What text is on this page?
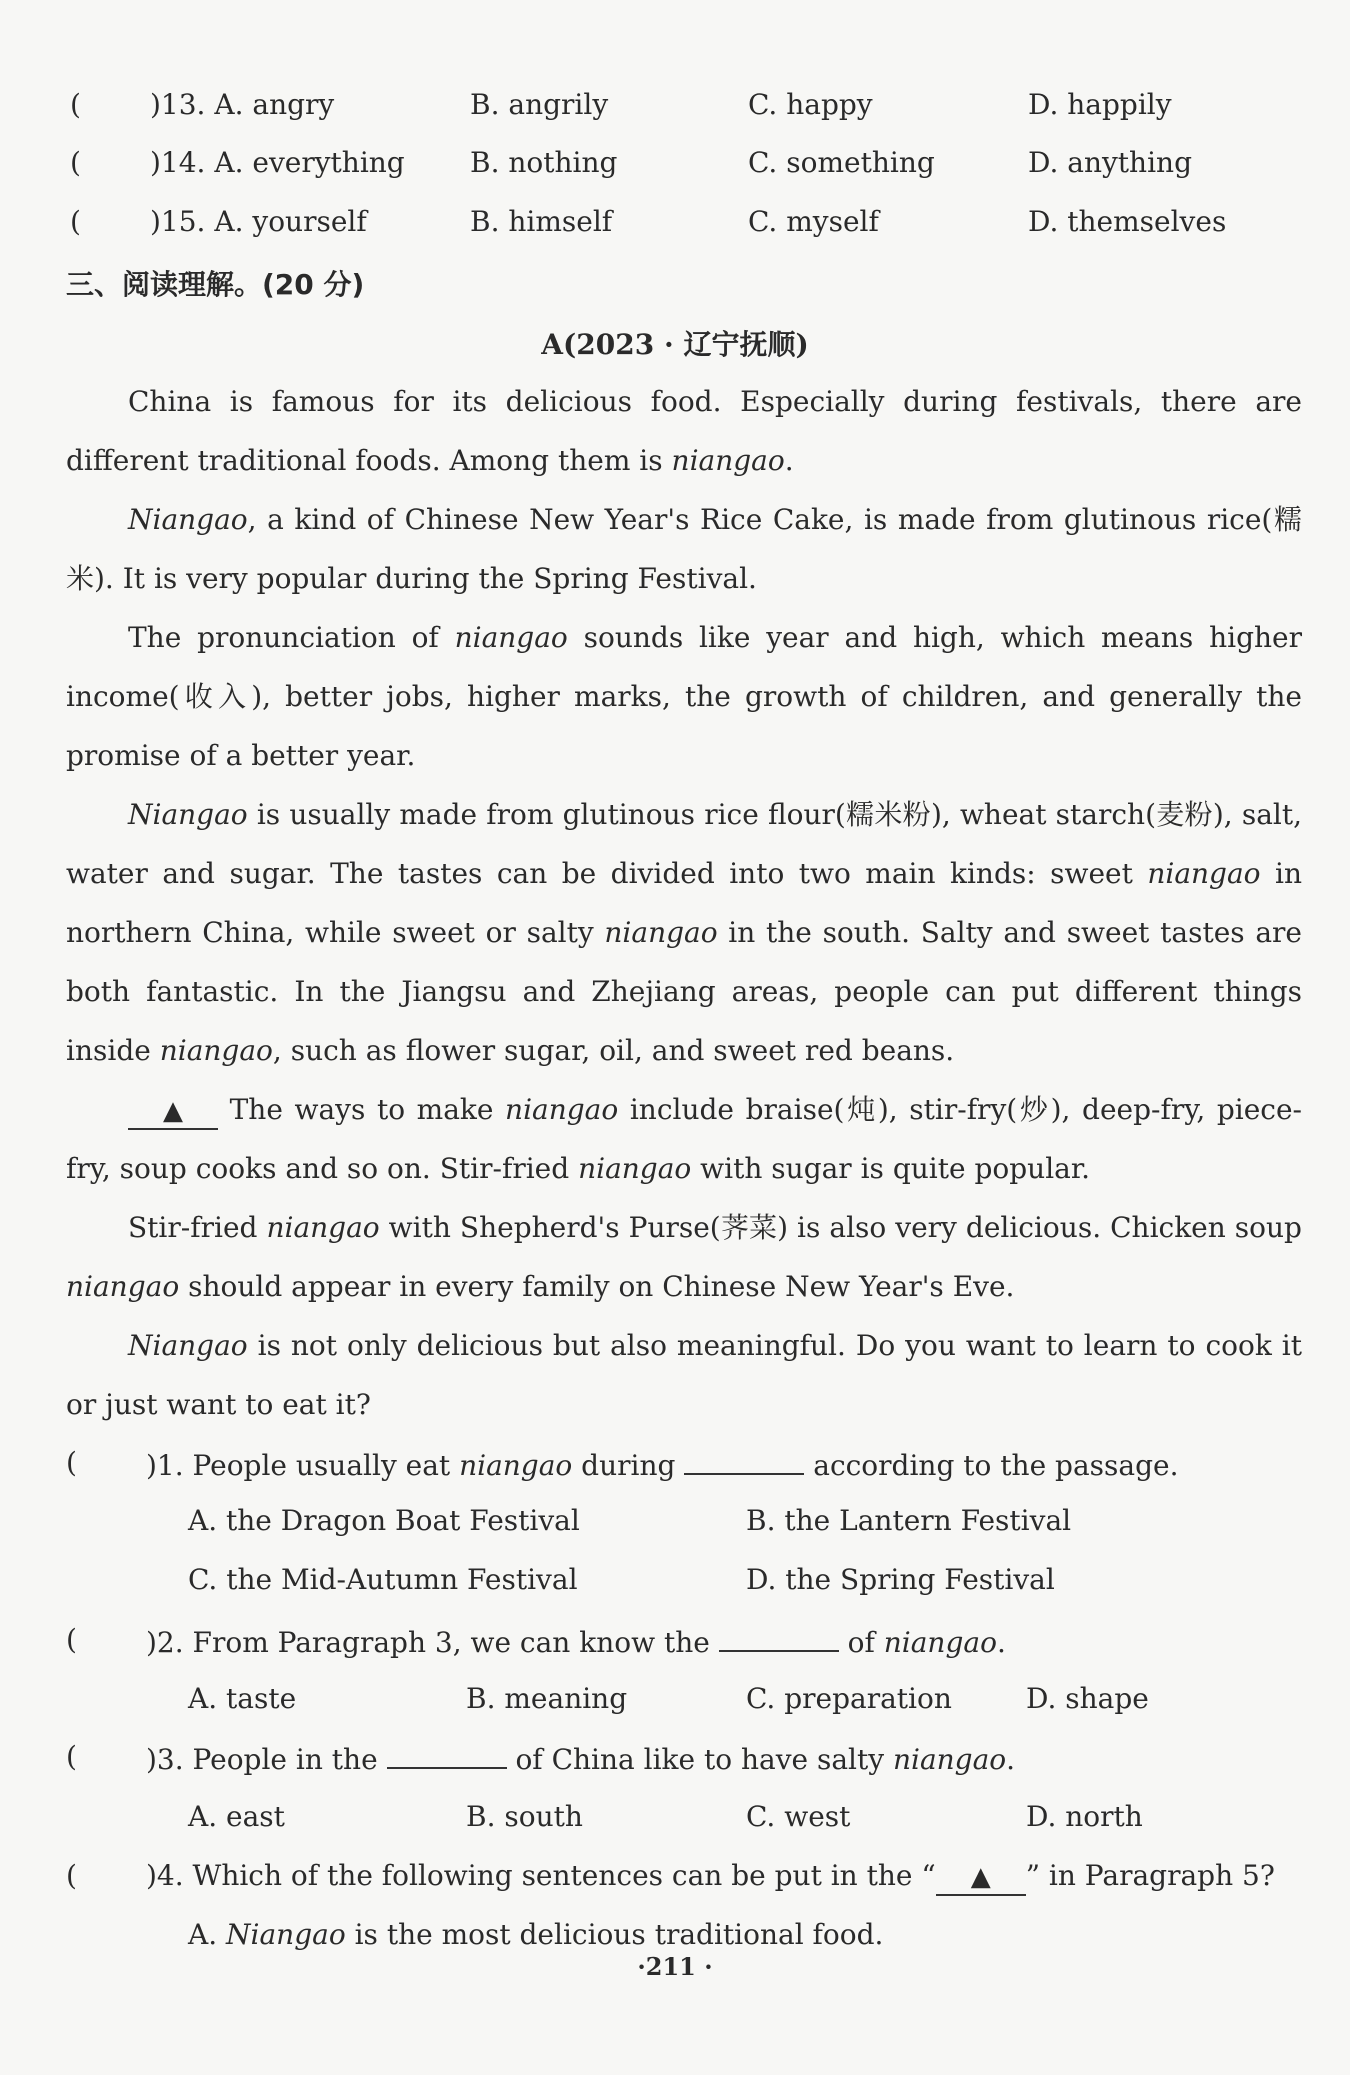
( )13. A. angry	B. angrily	C. happy	D. happily
( )14. A. everything B. nothing	C. something	D. anything
( )15. A. yourself	B. himself	C. myself	D. themselves
三、阅读理解。(20 分)
A(2023 · 辽宁抚顺)

China is famous for its delicious food. Especially during festivals, there are different traditional foods. Among them is niangao.

Niangao, a kind of Chinese New Year's Rice Cake, is made from glutinous rice(糯米). It is very popular during the Spring Festival.

The pronunciation of niangao sounds like year and high, which means higher income(收入), better jobs, higher marks, the growth of children, and generally the promise of a better year.

Niangao is usually made from glutinous rice flour(糯米粉), wheat starch(麦粉), salt, water and sugar. The tastes can be divided into two main kinds: sweet niangao in northern China, while sweet or salty niangao in the south. Salty and sweet tastes are both fantastic. In the Jiangsu and Zhejiang areas, people can put different things inside niangao, such as flower sugar, oil, and sweet red beans.

▲ The ways to make niangao include braise(炖), stir-fry(炒), deep-fry, piece-fry, soup cooks and so on. Stir-fried niangao with sugar is quite popular.

Stir-fried niangao with Shepherd's Purse(荠菜) is also very delicious. Chicken soup niangao should appear in every family on Chinese New Year's Eve.

Niangao is not only delicious but also meaningful. Do you want to learn to cook it or just want to eat it?

( )1. People usually eat niangao during	according to the passage.
A. the Dragon Boat Festival	B. the Lantern Festival
C. the Mid-Autumn Festival	D. the Spring Festival
( )2. From Paragraph 3, we can know the	of niangao.
A. taste	B. meaning	C. preparation	D. shape
( )3. People in the	of China like to have salty niangao.
A. east	B. south	C. west	D. north
( )4. Which of the following sentences can be put in the “ ▲ ” in Paragraph 5?
A. Niangao is the most delicious traditional food.
·211 ·
